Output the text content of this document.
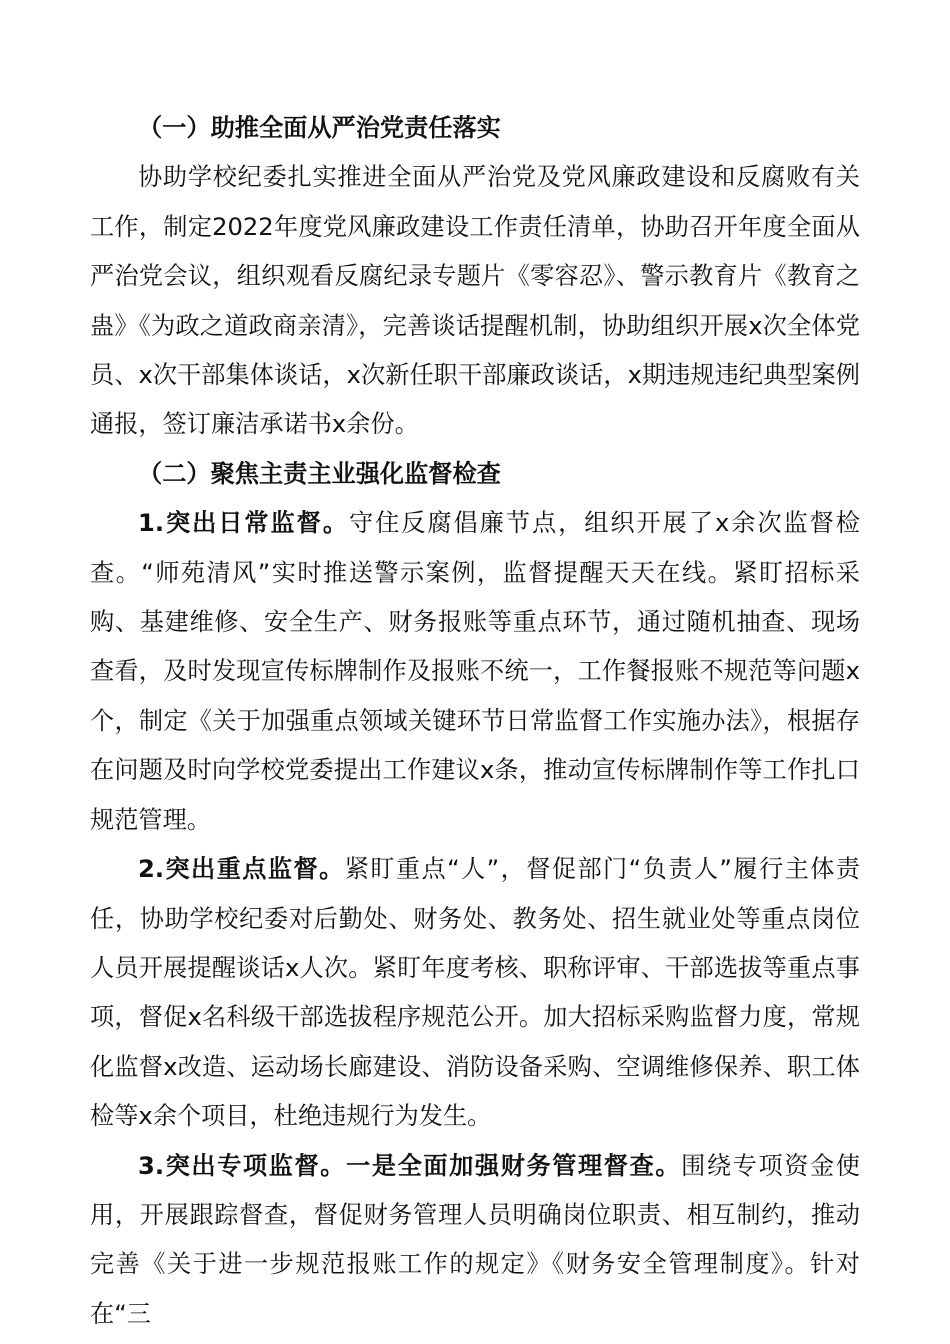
（一）助推全面从严治党责任落实

协助学校纪委扎实推进全面从严治党及党风廉政建设和反腐败有关工作，制定2022年度党风廉政建设工作责任清单，协助召开年度全面从严治党会议，组织观看反腐纪录专题片《零容忍》、警示教育片《教育之蛊》《为政之道政商亲清》，完善谈话提醒机制，协助组织开展x次全体党员、x次干部集体谈话，x次新任职干部廉政谈话，x期违规违纪典型案例通报，签订廉洁承诺书x余份。

（二）聚焦主责主业强化监督检查

1.突出日常监督。守住反腐倡廉节点，组织开展了x余次监督检查。“师苑清风”实时推送警示案例，监督提醒天天在线。紧盯招标采购、基建维修、安全生产、财务报账等重点环节，通过随机抽查、现场查看，及时发现宣传标牌制作及报账不统一，工作餐报账不规范等问题x个，制定《关于加强重点领域关键环节日常监督工作实施办法》，根据存在问题及时向学校党委提出工作建议x条，推动宣传标牌制作等工作扎口规范管理。

2.突出重点监督。紧盯重点“人”，督促部门“负责人”履行主体责任，协助学校纪委对后勤处、财务处、教务处、招生就业处等重点岗位人员开展提醒谈话x人次。紧盯年度考核、职称评审、干部选拔等重点事项，督促x名科级干部选拔程序规范公开。加大招标采购监督力度，常规化监督x改造、运动场长廊建设、消防设备采购、空调维修保养、职工体检等x余个项目，杜绝违规行为发生。

3.突出专项监督。一是全面加强财务管理督查。围绕专项资金使用，开展跟踪督查，督促财务管理人员明确岗位职责、相互制约，推动完善《关于进一步规范报账工作的规定》《财务安全管理制度》。针对在“三
